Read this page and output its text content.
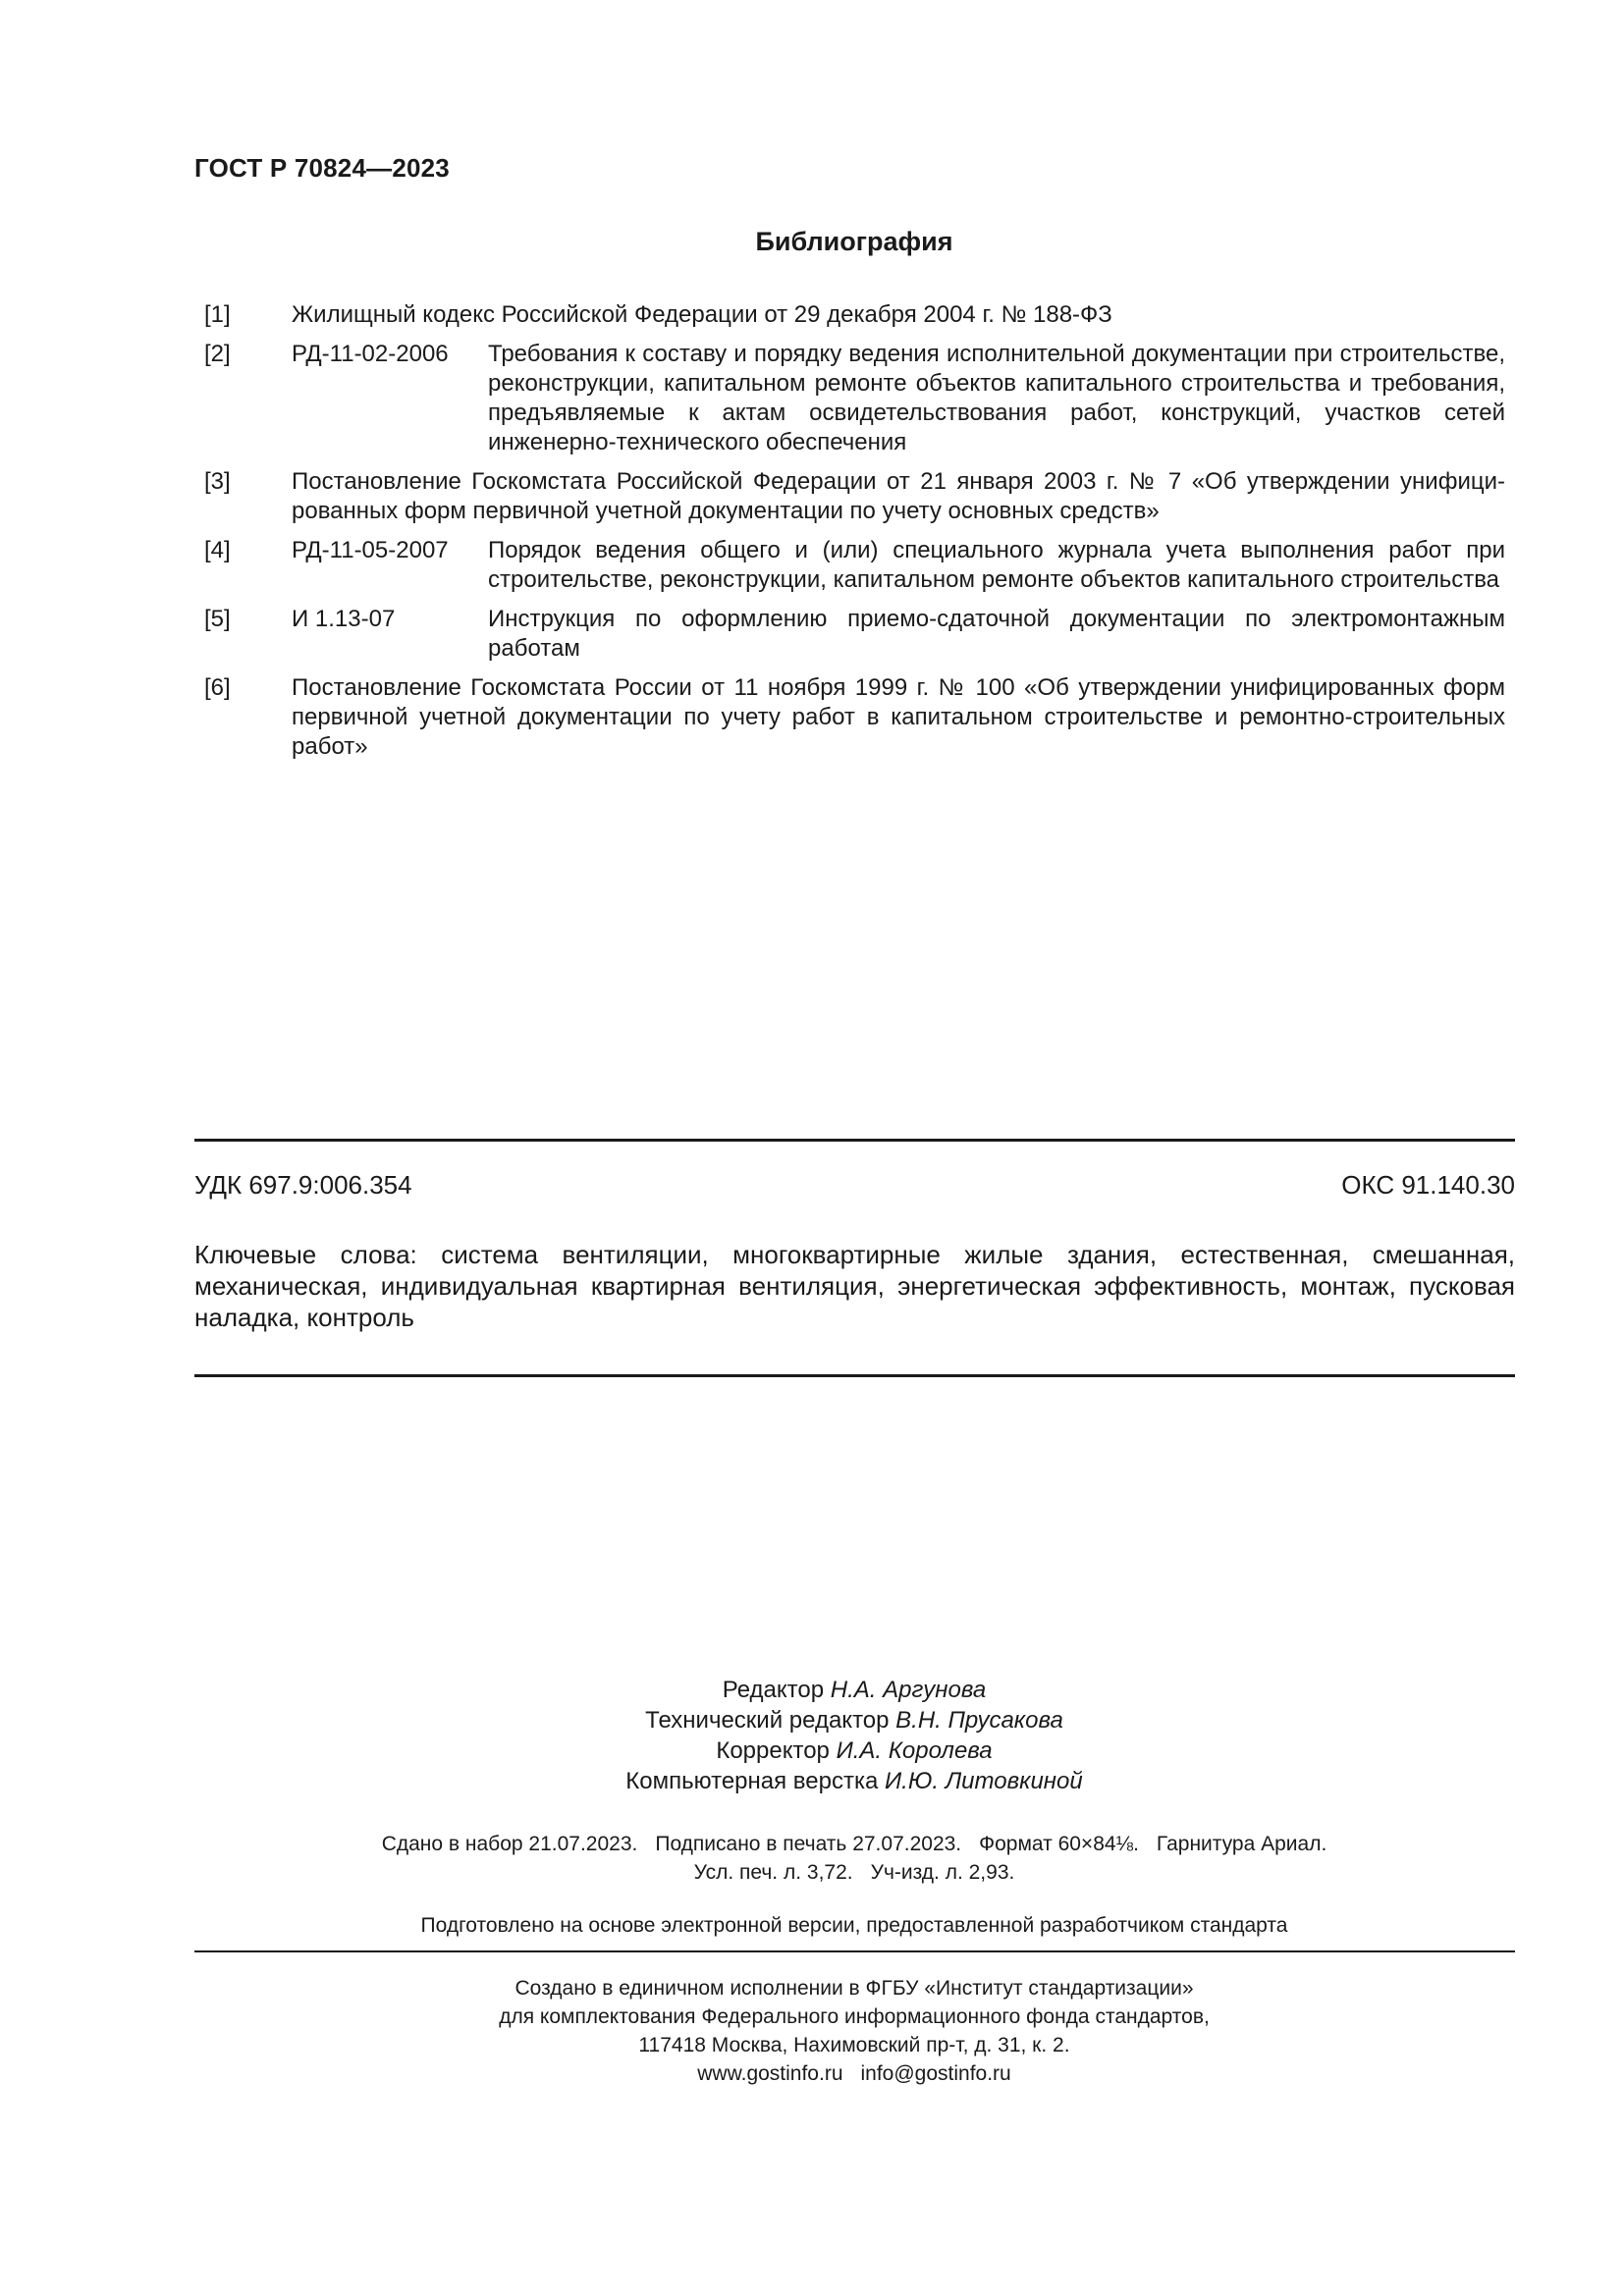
ГОСТ Р 70824—2023
Библиография
[1]	Жилищный кодекс Российской Федерации от 29 декабря 2004 г. № 188-ФЗ
[2]	РД-11-02-2006	Требования к составу и порядку ведения исполнительной документации при строительстве, реконструкции, капитальном ремонте объектов капитального строительства и требования, предъявляемые к актам освидетельствования работ, конструкций, участков сетей инженерно-технического обеспечения
[3]	Постановление Госкомстата Российской Федерации от 21 января 2003 г. № 7 «Об утверждении унифицированных форм первичной учетной документации по учету основных средств»
[4]	РД-11-05-2007	Порядок ведения общего и (или) специального журнала учета выполнения работ при строительстве, реконструкции, капитальном ремонте объектов капитального строительства
[5]	И 1.13-07	Инструкция по оформлению приемо-сдаточной документации по электромонтажным работам
[6]	Постановление Госкомстата России от 11 ноября 1999 г. № 100 «Об утверждении унифицированных форм первичной учетной документации по учету работ в капитальном строительстве и ремонтно-строительных работ»
УДК 697.9:006.354	ОКС 91.140.30
Ключевые слова: система вентиляции, многоквартирные жилые здания, естественная, смешанная, механическая, индивидуальная квартирная вентиляция, энергетическая эффективность, монтаж, пусковая наладка, контроль
Редактор Н.А. Аргунова
Технический редактор В.Н. Прусакова
Корректор И.А. Королева
Компьютерная верстка И.Ю. Литовкиной
Сдано в набор 21.07.2023. Подписано в печать 27.07.2023. Формат 60×84⅛. Гарнитура Ариал.
Усл. печ. л. 3,72. Уч-изд. л. 2,93.
Подготовлено на основе электронной версии, предоставленной разработчиком стандарта
Создано в единичном исполнении в ФГБУ «Институт стандартизации»
для комплектования Федерального информационного фонда стандартов,
117418 Москва, Нахимовский пр-т, д. 31, к. 2.
www.gostinfo.ru info@gostinfo.ru
